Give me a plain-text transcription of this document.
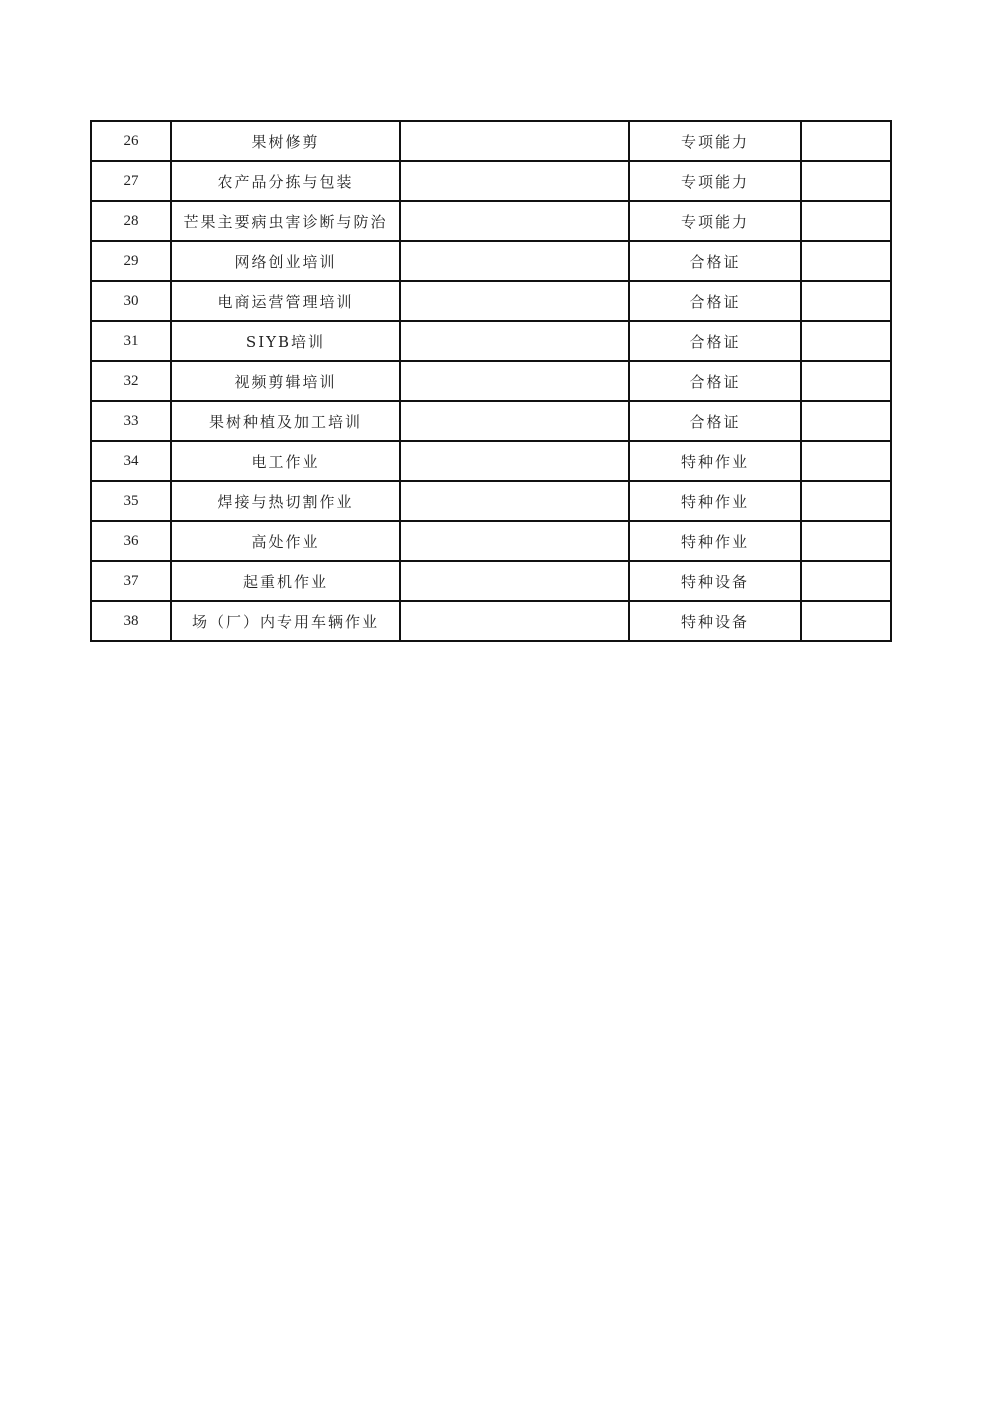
26	果树修剪		专项能力	
27	农产品分拣与包装		专项能力	
28	芒果主要病虫害诊断与防治		专项能力	
29	网络创业培训		合格证	
30	电商运营管理培训		合格证	
31	SIYB培训		合格证	
32	视频剪辑培训		合格证	
33	果树种植及加工培训		合格证	
34	电工作业		特种作业	
35	焊接与热切割作业		特种作业	
36	高处作业		特种作业	
37	起重机作业		特种设备	
38	场（厂）内专用车辆作业		特种设备	
